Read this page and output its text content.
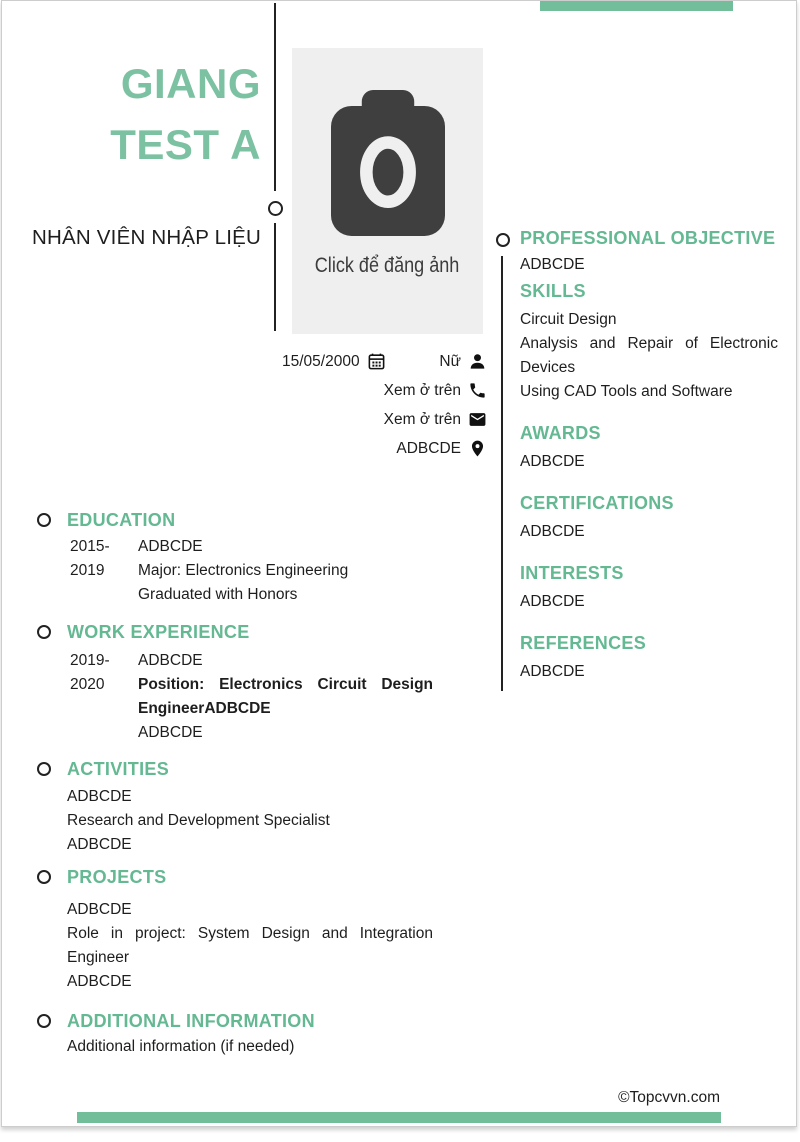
GIANG TEST A
NHÂN VIÊN NHẬP LIỆU
Click để đăng ảnh
15/05/2000	Nữ
Xem ở trên
Xem ở trên
ADBCDE
EDUCATION
2015-
2019
ADBCDE
Major: Electronics Engineering
Graduated with Honors
WORK EXPERIENCE
2019-
2020
ADBCDE
Position: Electronics Circuit Design EngineerADBCDE
ADBCDE
ACTIVITIES
ADBCDE
Research and Development Specialist
ADBCDE
PROJECTS
ADBCDE
Role in project: System Design and Integration Engineer
ADBCDE
ADDITIONAL INFORMATION
Additional information (if needed)
PROFESSIONAL OBJECTIVE
ADBCDE
SKILLS
Circuit Design
Analysis and Repair of Electronic Devices
Using CAD Tools and Software
AWARDS
ADBCDE
CERTIFICATIONS
ADBCDE
INTERESTS
ADBCDE
REFERENCES
ADBCDE
©Topcvvn.com
